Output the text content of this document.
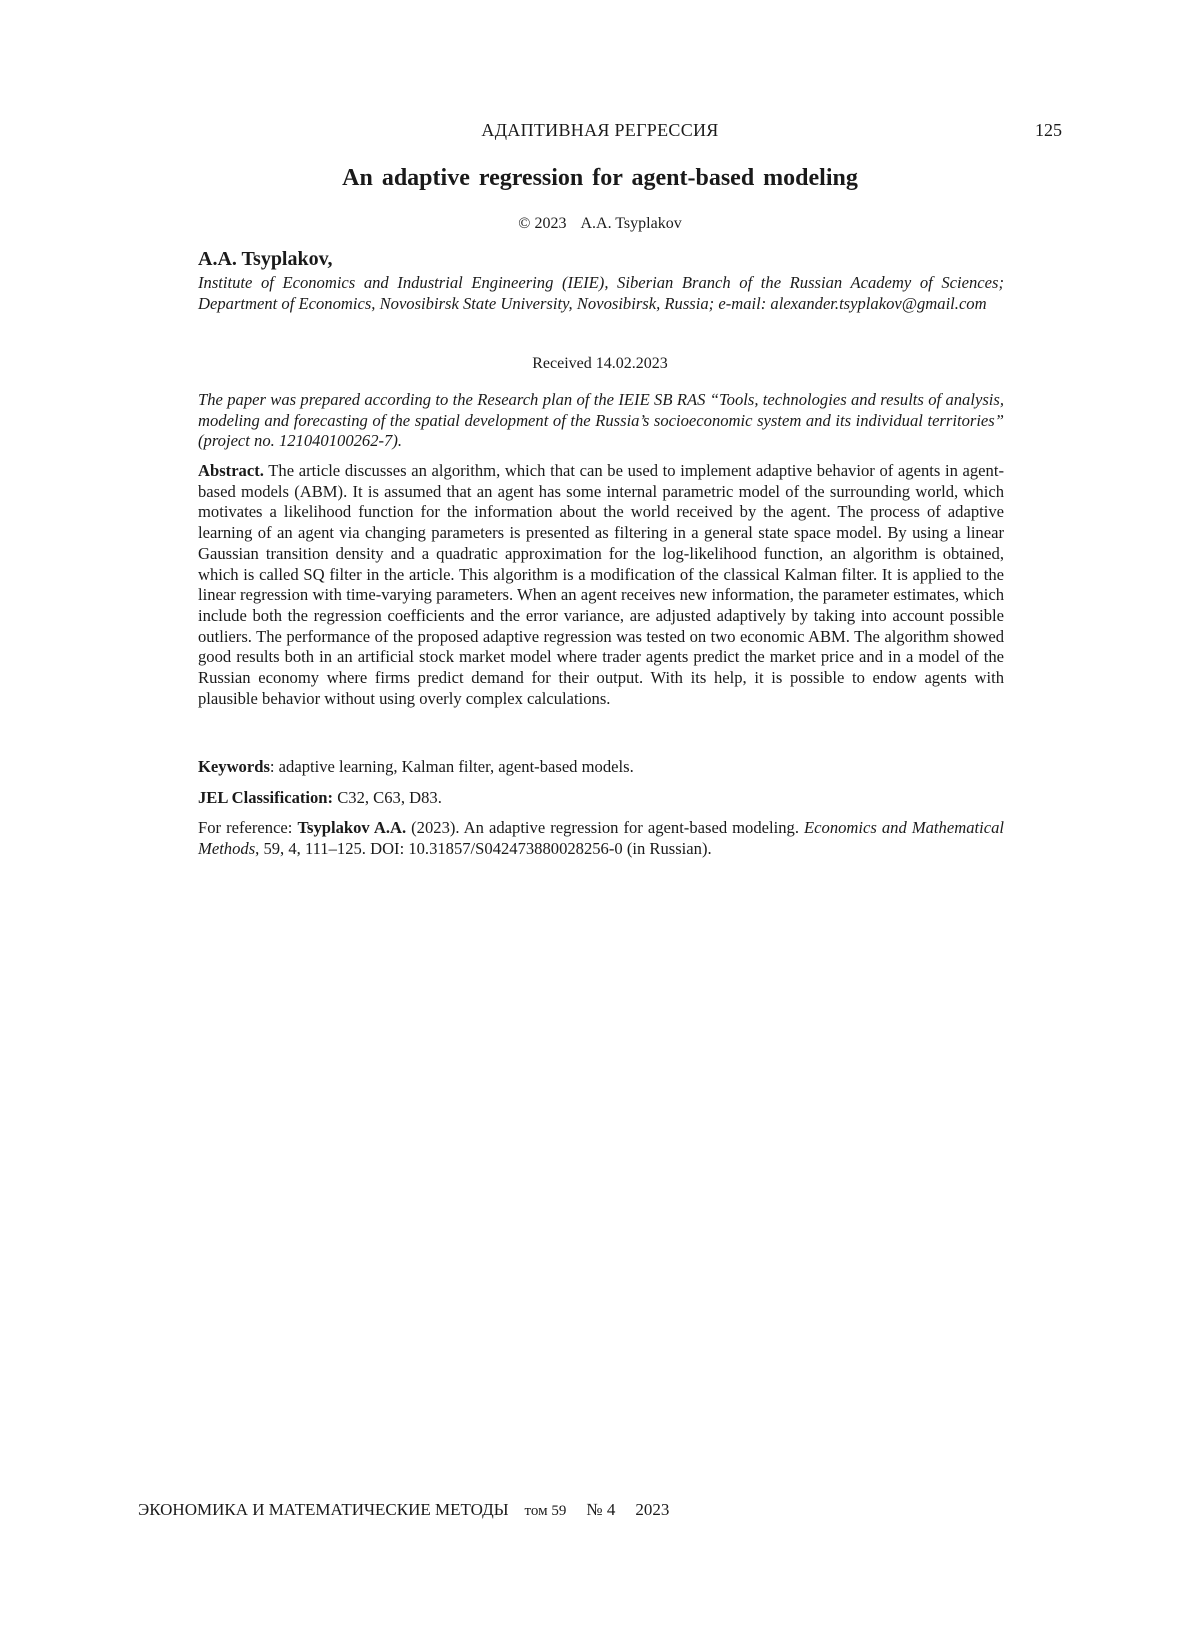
АДАПТИВНАЯ РЕГРЕССИЯ	125
An adaptive regression for agent-based modeling
© 2023 A.A. Tsyplakov
A.A. Tsyplakov,
Institute of Economics and Industrial Engineering (IEIE), Siberian Branch of the Russian Academy of Sciences; Department of Economics, Novosibirsk State University, Novosibirsk, Russia; e-mail: alexander.tsyplakov@gmail.com
Received 14.02.2023
The paper was prepared according to the Research plan of the IEIE SB RAS “Tools, technologies and results of analysis, modeling and forecasting of the spatial development of the Russia’s socioeconomic system and its individual territories” (project no. 121040100262-7).
Abstract. The article discusses an algorithm, which that can be used to implement adaptive behavior of agents in agent-based models (ABM). It is assumed that an agent has some internal parametric model of the surrounding world, which motivates a likelihood function for the information about the world received by the agent. The process of adaptive learning of an agent via changing parameters is presented as filtering in a general state space model. By using a linear Gaussian transition density and a quadratic approximation for the log-likelihood function, an algorithm is obtained, which is called SQ filter in the article. This algorithm is a modification of the classical Kalman filter. It is applied to the linear regression with time-varying parameters. When an agent receives new information, the parameter estimates, which include both the regression coefficients and the error variance, are adjusted adaptively by taking into account possible outliers. The performance of the proposed adaptive regression was tested on two economic ABM. The algorithm showed good results both in an artificial stock market model where trader agents predict the market price and in a model of the Russian economy where firms predict demand for their output. With its help, it is possible to endow agents with plausible behavior without using overly complex calculations.
Keywords: adaptive learning, Kalman filter, agent-based models.
JEL Classification: C32, C63, D83.
For reference: Tsyplakov A.A. (2023). An adaptive regression for agent-based modeling. Economics and Mathematical Methods, 59, 4, 111–125. DOI: 10.31857/S042473880028256-0 (in Russian).
ЭКОНОМИКА И МАТЕМАТИЧЕСКИЕ МЕТОДЫ том 59 № 4 2023
